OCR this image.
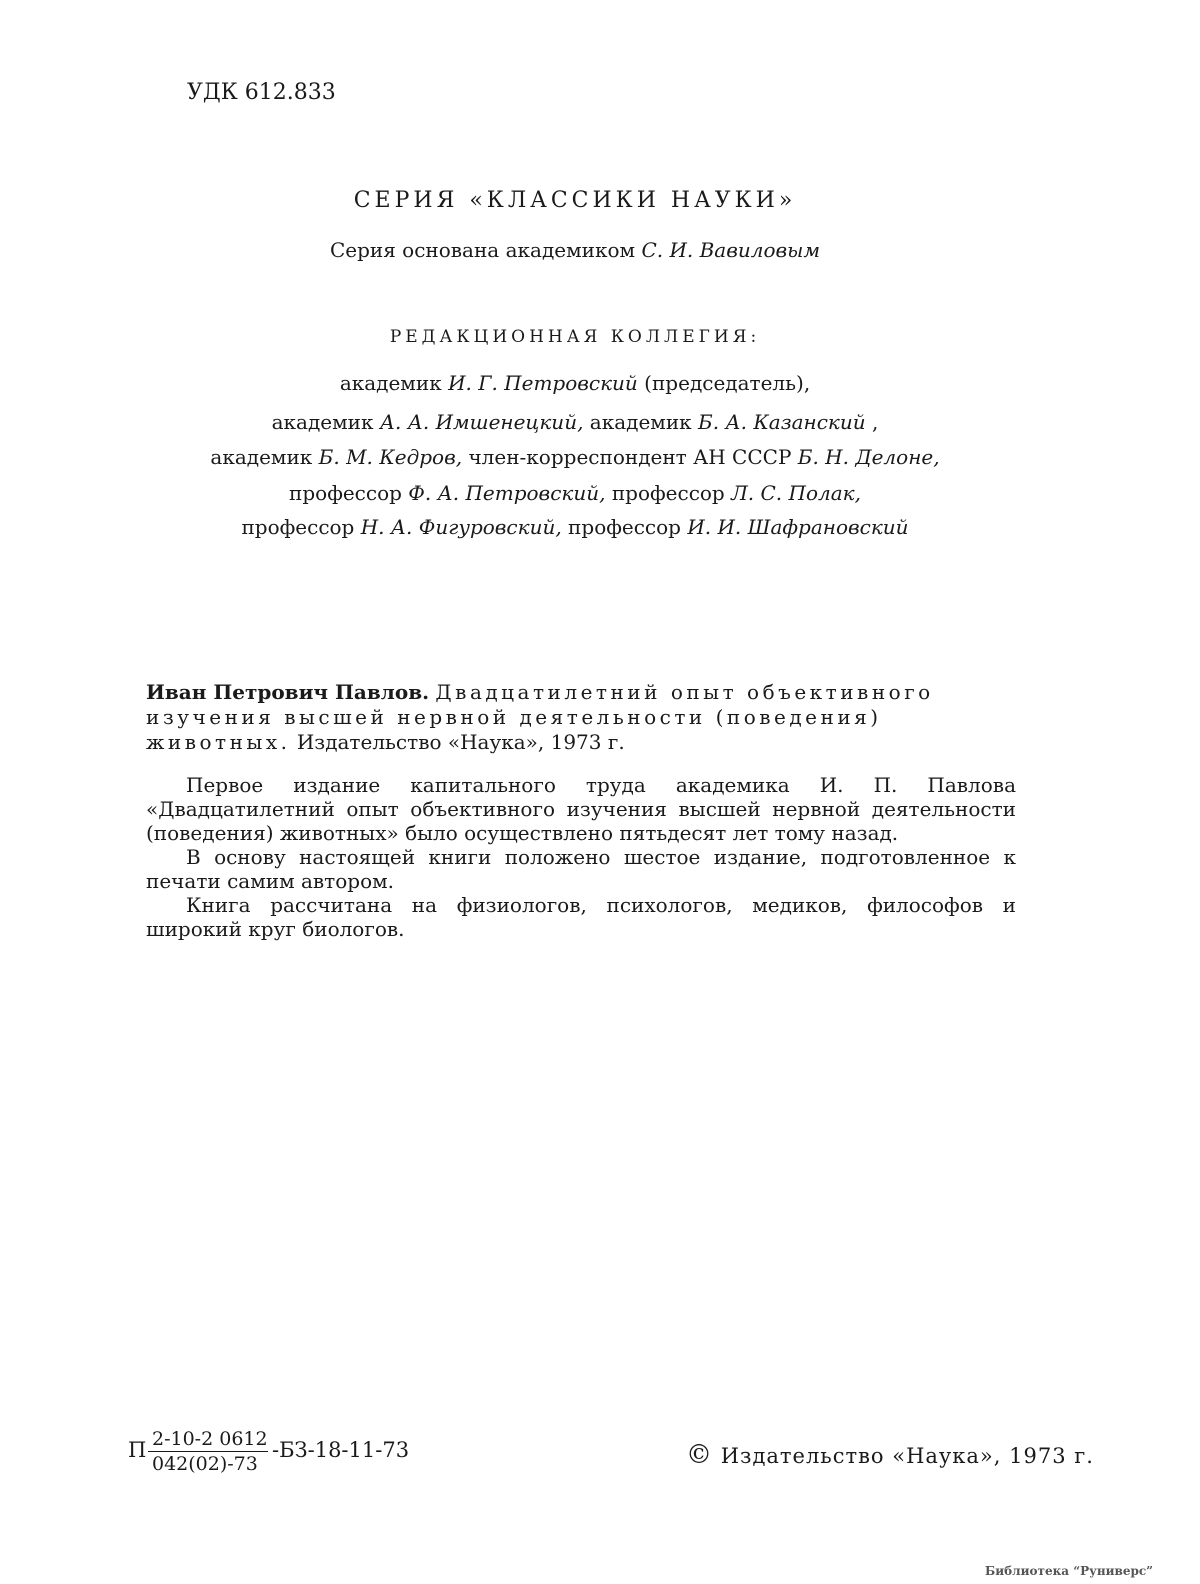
УДК 612.833
СЕРИЯ «КЛАССИКИ НАУКИ»
Серия основана академиком С. И. Вавиловым
РЕДАКЦИОННАЯ КОЛЛЕГИЯ:
академик И. Г. Петровский (председатель),
академик А. А. Имшенецкий, академик Б. А. Казанский ,
академик Б. М. Кедров, член-корреспондент АН СССР Б. Н. Делоне,
профессор Ф. А. Петровский, профессор Л. С. Полак,
профессор Н. А. Фигуровский, профессор И. И. Шафрановский
Иван Петрович Павлов. Двадцатилетний опыт объективного изучения высшей нервной деятельности (поведения) животных. Издательство «Наука», 1973 г.

Первое издание капитального труда академика И. П. Павлова «Двадцатилетний опыт объективного изучения высшей нервной деятельности (поведения) животных» было осуществлено пятьдесят лет тому назад.

В основу настоящей книги положено шестое издание, подготовленное к печати самим автором.

Книга рассчитана на физиологов, психологов, медиков, философов и широкий круг биологов.

П 2-10-2 0612
042(02)-73
-БЗ-18-11-73	© Издательство «Наука», 1973 г.
Библиотека “Руниверс”
